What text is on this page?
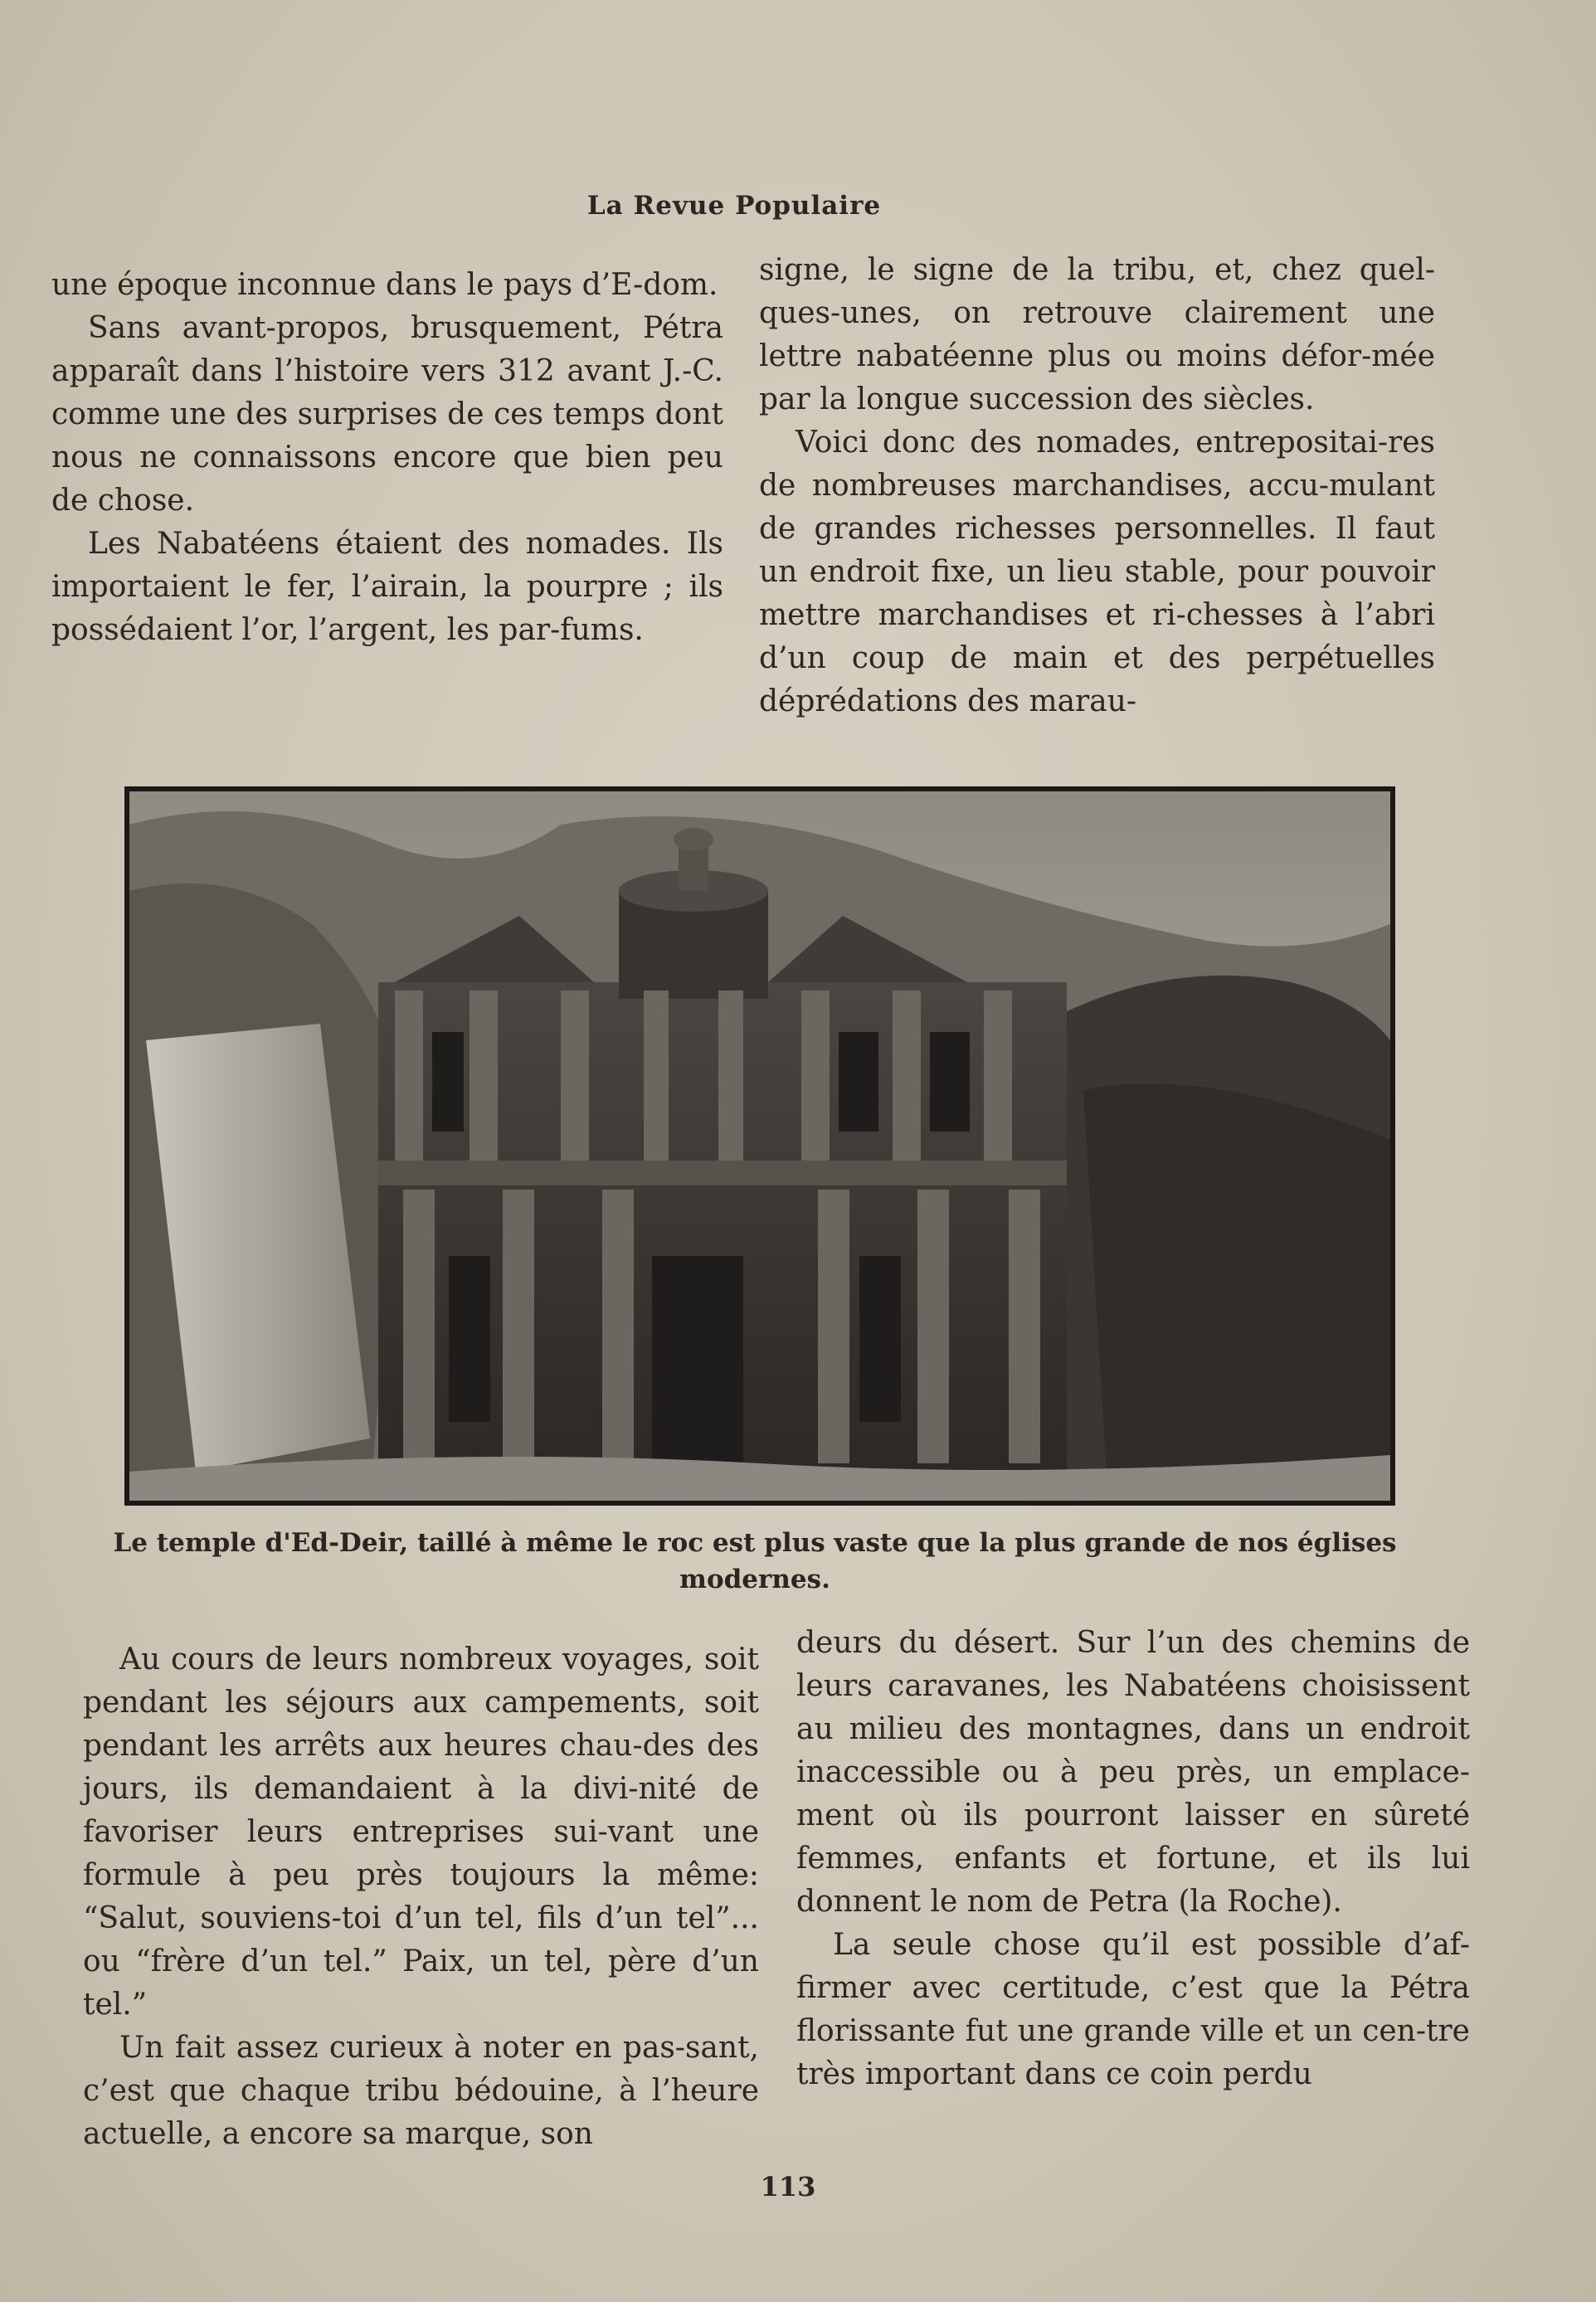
La Revue Populaire

une époque inconnue dans le pays d’E-dom.

Sans avant-propos, brusquement, Pétra apparaît dans l’histoire vers 312 avant J.-C. comme une des surprises de ces temps dont nous ne connaissons encore que bien peu de chose.

Les Nabatéens étaient des nomades. Ils importaient le fer, l’airain, la pourpre ; ils possédaient l’or, l’argent, les par-fums.

signe, le signe de la tribu, et, chez quel-ques-unes, on retrouve clairement une lettre nabatéenne plus ou moins défor-mée par la longue succession des siècles.

Voici donc des nomades, entrepositai-res de nombreuses marchandises, accu-mulant de grandes richesses personnelles. Il faut un endroit fixe, un lieu stable, pour pouvoir mettre marchandises et ri-chesses à l’abri d’un coup de main et des perpétuelles déprédations des marau-

Le temple d'Ed-Deir, taillé à même le roc est plus vaste que la plus grande de nos églises modernes.

Au cours de leurs nombreux voyages, soit pendant les séjours aux campements, soit pendant les arrêts aux heures chau-des des jours, ils demandaient à la divi-nité de favoriser leurs entreprises sui-vant une formule à peu près toujours la même: “Salut, souviens-toi d’un tel, fils d’un tel”... ou “frère d’un tel.” Paix, un tel, père d’un tel.”

Un fait assez curieux à noter en pas-sant, c’est que chaque tribu bédouine, à l’heure actuelle, a encore sa marque, son

deurs du désert. Sur l’un des chemins de leurs caravanes, les Nabatéens choisissent au milieu des montagnes, dans un endroit inaccessible ou à peu près, un emplace-ment où ils pourront laisser en sûreté femmes, enfants et fortune, et ils lui donnent le nom de Petra (la Roche).

La seule chose qu’il est possible d’af-firmer avec certitude, c’est que la Pétra florissante fut une grande ville et un cen-tre très important dans ce coin perdu

113
